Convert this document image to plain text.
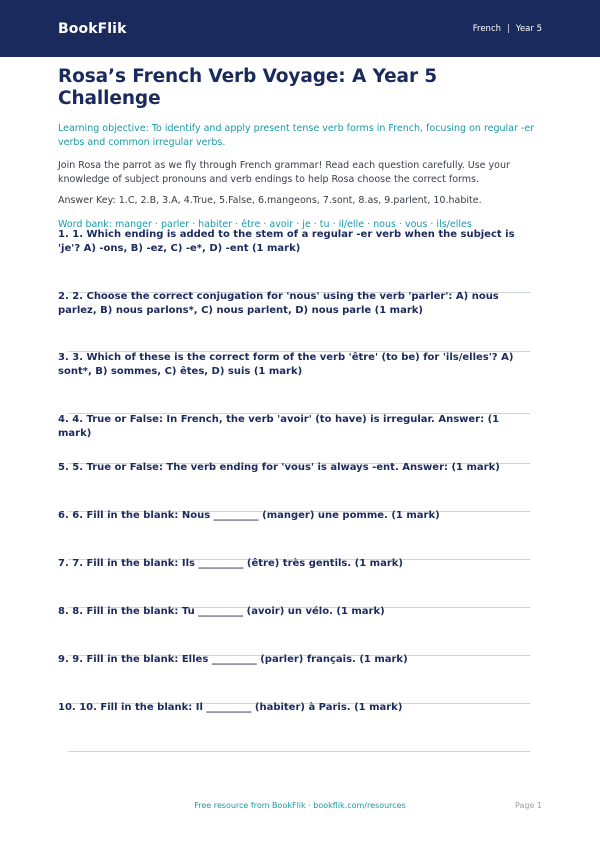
BookFlik	French | Year 5
Rosa’s French Verb Voyage: A Year 5 Challenge
Learning objective: To identify and apply present tense verb forms in French, focusing on regular -er verbs and common irregular verbs.
Join Rosa the parrot as we fly through French grammar! Read each question carefully. Use your knowledge of subject pronouns and verb endings to help Rosa choose the correct forms.
Answer Key: 1.C, 2.B, 3.A, 4.True, 5.False, 6.mangeons, 7.sont, 8.as, 9.parlent, 10.habite.
Word bank: manger · parler · habiter · être · avoir · je · tu · il/elle · nous · vous · ils/elles
1. 1. Which ending is added to the stem of a regular -er verb when the subject is 'je'? A) -ons, B) -ez, C) -e*, D) -ent (1 mark)
2. 2. Choose the correct conjugation for 'nous' using the verb 'parler': A) nous parlez, B) nous parlons*, C) nous parlent, D) nous parle (1 mark)
3. 3. Which of these is the correct form of the verb 'être' (to be) for 'ils/elles'? A) sont*, B) sommes, C) êtes, D) suis (1 mark)
4. 4. True or False: In French, the verb 'avoir' (to have) is irregular. Answer: (1 mark)
5. 5. True or False: The verb ending for 'vous' is always -ent. Answer: (1 mark)
6. 6. Fill in the blank: Nous _________ (manger) une pomme. (1 mark)
7. 7. Fill in the blank: Ils _________ (être) très gentils. (1 mark)
8. 8. Fill in the blank: Tu _________ (avoir) un vélo. (1 mark)
9. 9. Fill in the blank: Elles _________ (parler) français. (1 mark)
10. 10. Fill in the blank: Il _________ (habiter) à Paris. (1 mark)
Free resource from BookFlik · bookflik.com/resources	Page 1
